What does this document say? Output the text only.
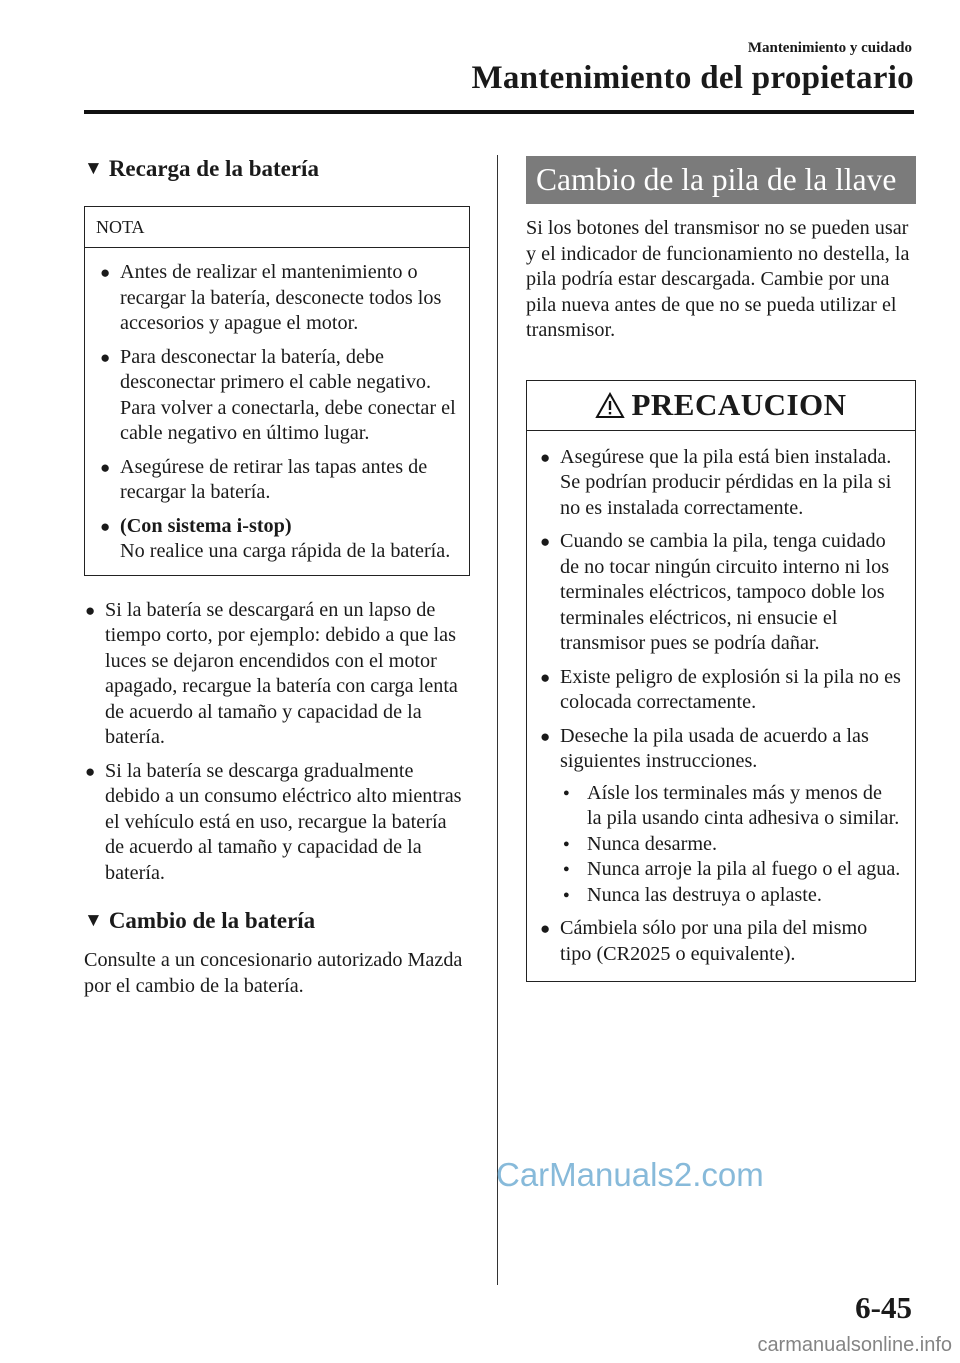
Mantenimiento y cuidado
Mantenimiento del propietario
▼ Recarga de la batería
NOTA
● Antes de realizar el mantenimiento o recargar la batería, desconecte todos los accesorios y apague el motor.
● Para desconectar la batería, debe desconectar primero el cable negativo. Para volver a conectarla, debe conectar el cable negativo en último lugar.
● Asegúrese de retirar las tapas antes de recargar la batería.
● (Con sistema i-stop)
No realice una carga rápida de la batería.
● Si la batería se descargará en un lapso de tiempo corto, por ejemplo: debido a que las luces se dejaron encendidos con el motor apagado, recargue la batería con carga lenta de acuerdo al tamaño y capacidad de la batería.
● Si la batería se descarga gradualmente debido a un consumo eléctrico alto mientras el vehículo está en uso, recargue la batería de acuerdo al tamaño y capacidad de la batería.
▼ Cambio de la batería
Consulte a un concesionario autorizado Mazda por el cambio de la batería.
Cambio de la pila de la llave
Si los botones del transmisor no se pueden usar y el indicador de funcionamiento no destella, la pila podría estar descargada. Cambie por una pila nueva antes de que no se pueda utilizar el transmisor.
PRECAUCION
● Asegúrese que la pila está bien instalada. Se podrían producir pérdidas en la pila si no es instalada correctamente.
● Cuando se cambia la pila, tenga cuidado de no tocar ningún circuito interno ni los terminales eléctricos, tampoco doble los terminales eléctricos, ni ensucie el transmisor pues se podría dañar.
● Existe peligro de explosión si la pila no es colocada correctamente.
● Deseche la pila usada de acuerdo a las siguientes instrucciones.
● Aísle los terminales más y menos de la pila usando cinta adhesiva o similar.
● Nunca desarme.
● Nunca arroje la pila al fuego o el agua.
● Nunca las destruya o aplaste.
● Cámbiela sólo por una pila del mismo tipo (CR2025 o equivalente).
CarManuals2.com
6-45
carmanualsonline.info
